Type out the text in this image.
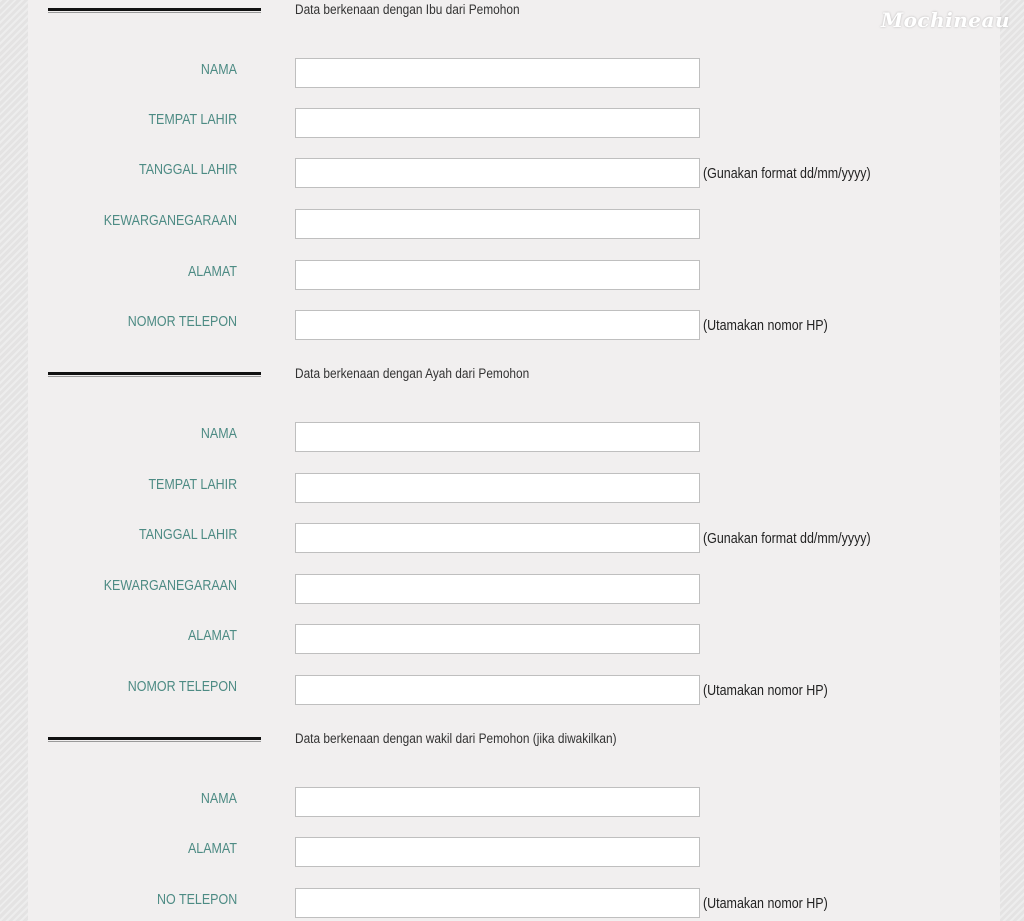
Mochineau
Data berkenaan dengan Ibu dari Pemohon
NAMA
TEMPAT LAHIR
TANGGAL LAHIR	(Gunakan format dd/mm/yyyy)
KEWARGANEGARAAN
ALAMAT
NOMOR TELEPON	(Utamakan nomor HP)
Data berkenaan dengan Ayah dari Pemohon
NAMA
TEMPAT LAHIR
TANGGAL LAHIR	(Gunakan format dd/mm/yyyy)
KEWARGANEGARAAN
ALAMAT
NOMOR TELEPON	(Utamakan nomor HP)
Data berkenaan dengan wakil dari Pemohon (jika diwakilkan)
NAMA
ALAMAT
NO TELEPON	(Utamakan nomor HP)
